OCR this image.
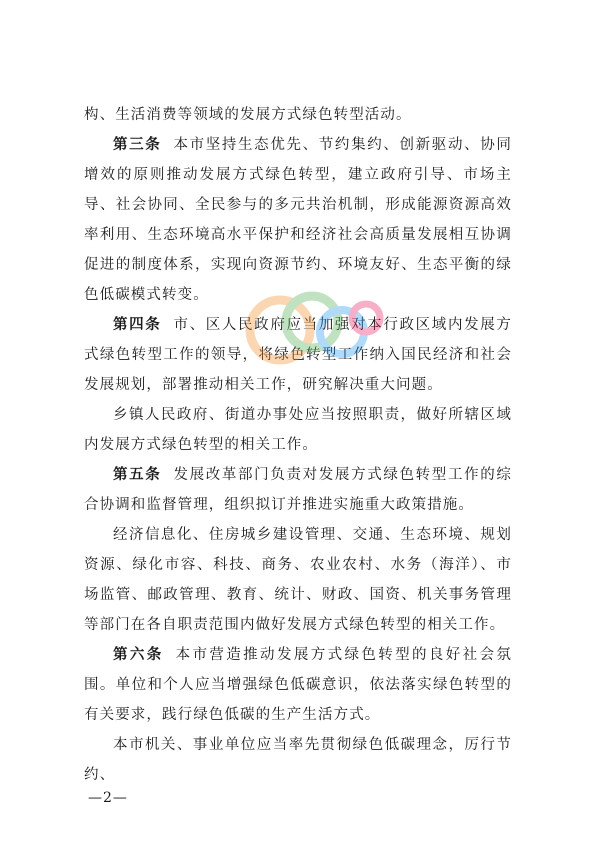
构、生活消费等领域的发展方式绿色转型活动。

第三条 本市坚持生态优先、节约集约、创新驱动、协同增效的原则推动发展方式绿色转型，建立政府引导、市场主导、社会协同、全民参与的多元共治机制，形成能源资源高效率利用、生态环境高水平保护和经济社会高质量发展相互协调促进的制度体系，实现向资源节约、环境友好、生态平衡的绿色低碳模式转变。

第四条 市、区人民政府应当加强对本行政区域内发展方式绿色转型工作的领导，将绿色转型工作纳入国民经济和社会发展规划，部署推动相关工作，研究解决重大问题。

乡镇人民政府、街道办事处应当按照职责，做好所辖区域内发展方式绿色转型的相关工作。

第五条 发展改革部门负责对发展方式绿色转型工作的综合协调和监督管理，组织拟订并推进实施重大政策措施。

经济信息化、住房城乡建设管理、交通、生态环境、规划资源、绿化市容、科技、商务、农业农村、水务（海洋）、市场监管、邮政管理、教育、统计、财政、国资、机关事务管理等部门在各自职责范围内做好发展方式绿色转型的相关工作。

第六条 本市营造推动发展方式绿色转型的良好社会氛围。单位和个人应当增强绿色低碳意识，依法落实绿色转型的有关要求，践行绿色低碳的生产生活方式。

本市机关、事业单位应当率先贯彻绿色低碳理念，厉行节约、

—2—
